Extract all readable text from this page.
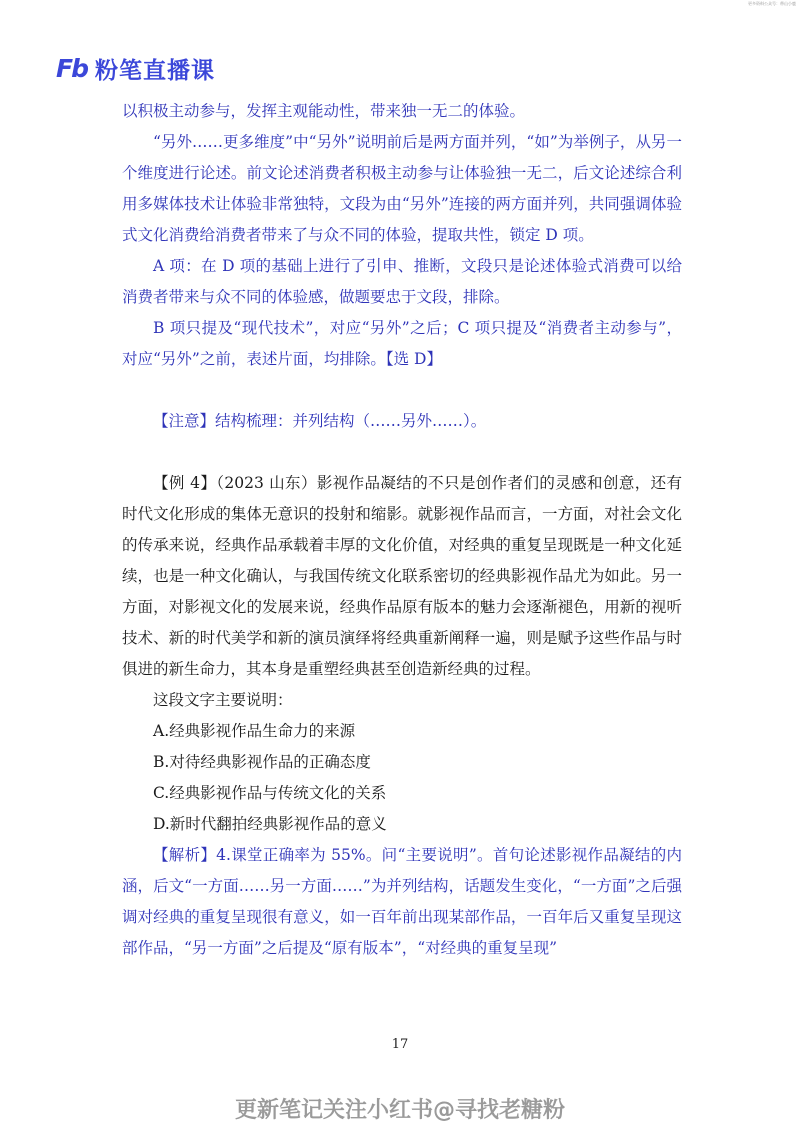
更多资料公众号：带山小鹿
Fb 粉笔直播课

以积极主动参与，发挥主观能动性，带来独一无二的体验。

“另外……更多维度”中“另外”说明前后是两方面并列，“如”为举例子，从另一个维度进行论述。前文论述消费者积极主动参与让体验独一无二，后文论述综合利用多媒体技术让体验非常独特，文段为由“另外”连接的两方面并列，共同强调体验式文化消费给消费者带来了与众不同的体验，提取共性，锁定 D 项。

A 项：在 D 项的基础上进行了引申、推断，文段只是论述体验式消费可以给消费者带来与众不同的体验感，做题要忠于文段，排除。

B 项只提及“现代技术”，对应“另外”之后；C 项只提及“消费者主动参与”，对应“另外”之前，表述片面，均排除。【选 D】

【注意】结构梳理：并列结构（……另外……）。

【例 4】（2023 山东）影视作品凝结的不只是创作者们的灵感和创意，还有时代文化形成的集体无意识的投射和缩影。就影视作品而言，一方面，对社会文化的传承来说，经典作品承载着丰厚的文化价值，对经典的重复呈现既是一种文化延续，也是一种文化确认，与我国传统文化联系密切的经典影视作品尤为如此。另一方面，对影视文化的发展来说，经典作品原有版本的魅力会逐渐褪色，用新的视听技术、新的时代美学和新的演员演绎将经典重新阐释一遍，则是赋予这些作品与时俱进的新生命力，其本身是重塑经典甚至创造新经典的过程。

这段文字主要说明：

A.经典影视作品生命力的来源

B.对待经典影视作品的正确态度

C.经典影视作品与传统文化的关系

D.新时代翻拍经典影视作品的意义

【解析】4.课堂正确率为 55%。问“主要说明”。首句论述影视作品凝结的内涵，后文“一方面……另一方面……”为并列结构，话题发生变化，“一方面”之后强调对经典的重复呈现很有意义，如一百年前出现某部作品，一百年后又重复呈现这部作品，“另一方面”之后提及“原有版本”，“对经典的重复呈现”

17
更新笔记关注小红书@寻找老糖粉
